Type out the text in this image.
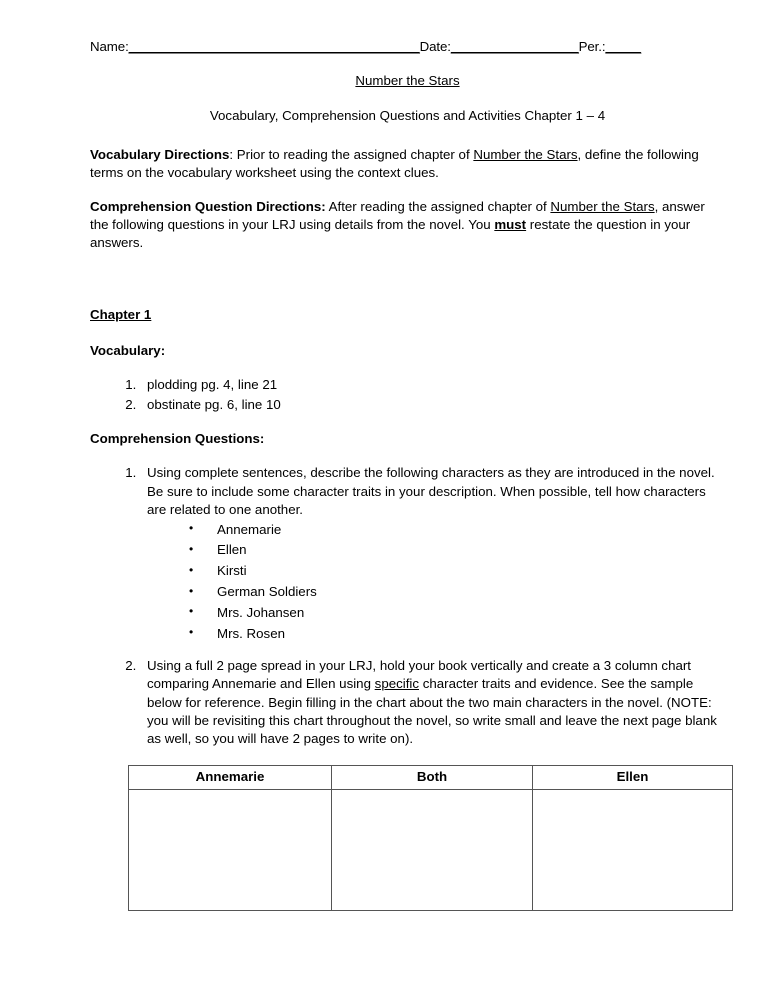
Name:_________________________________________Date:__________________Per.:_____
Number the Stars
Vocabulary, Comprehension Questions and Activities Chapter 1 – 4

Vocabulary Directions: Prior to reading the assigned chapter of Number the Stars, define the following terms on the vocabulary worksheet using the context clues.

Comprehension Question Directions: After reading the assigned chapter of Number the Stars, answer the following questions in your LRJ using details from the novel. You must restate the question in your answers.

Chapter 1
Vocabulary:
1. plodding pg. 4, line 21
2. obstinate pg. 6, line 10
Comprehension Questions:
1. Using complete sentences, describe the following characters as they are introduced in the novel. Be sure to include some character traits in your description. When possible, tell how characters are related to one another.
• Annemarie
• Ellen
• Kirsti
• German Soldiers
• Mrs. Johansen
• Mrs. Rosen
2. Using a full 2 page spread in your LRJ, hold your book vertically and create a 3 column chart comparing Annemarie and Ellen using specific character traits and evidence. See the sample below for reference. Begin filling in the chart about the two main characters in the novel. (NOTE: you will be revisiting this chart throughout the novel, so write small and leave the next page blank as well, so you will have 2 pages to write on).
Annemarie	Both	Ellen
